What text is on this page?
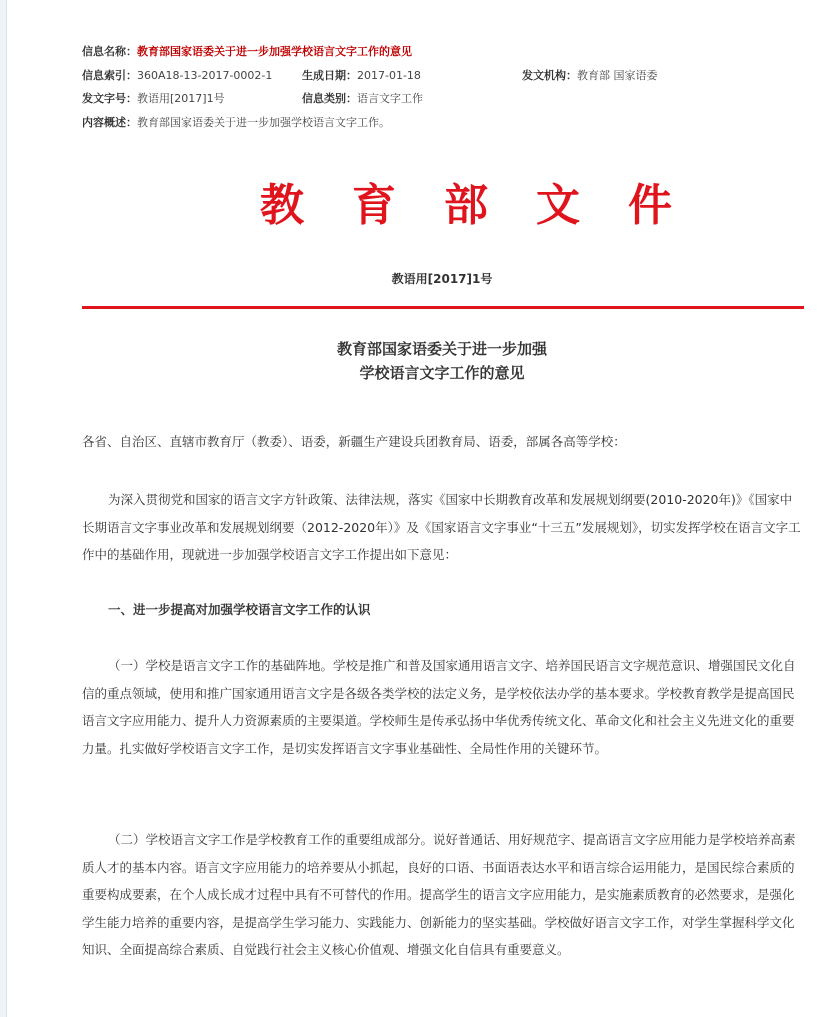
信息名称：教育部国家语委关于进一步加强学校语言文字工作的意见
信息索引：360A18-13-2017-0002-1	生成日期：2017-01-18	发文机构：教育部 国家语委
发文字号：教语用[2017]1号	信息类别：语言文字工作
内容概述：教育部国家语委关于进一步加强学校语言文字工作。
教育部文件
教语用[2017]1号
教育部国家语委关于进一步加强
学校语言文字工作的意见
各省、自治区、直辖市教育厅（教委）、语委，新疆生产建设兵团教育局、语委，部属各高等学校：
为深入贯彻党和国家的语言文字方针政策、法律法规，落实《国家中长期教育改革和发展规划纲要(2010-2020年)》《国家中长期语言文字事业改革和发展规划纲要（2012-2020年）》及《国家语言文字事业“十三五”发展规划》，切实发挥学校在语言文字工作中的基础作用，现就进一步加强学校语言文字工作提出如下意见：
一、进一步提高对加强学校语言文字工作的认识
（一）学校是语言文字工作的基础阵地。学校是推广和普及国家通用语言文字、培养国民语言文字规范意识、增强国民文化自信的重点领域，使用和推广国家通用语言文字是各级各类学校的法定义务，是学校依法办学的基本要求。学校教育教学是提高国民语言文字应用能力、提升人力资源素质的主要渠道。学校师生是传承弘扬中华优秀传统文化、革命文化和社会主义先进文化的重要力量。扎实做好学校语言文字工作，是切实发挥语言文字事业基础性、全局性作用的关键环节。
（二）学校语言文字工作是学校教育工作的重要组成部分。说好普通话、用好规范字、提高语言文字应用能力是学校培养高素质人才的基本内容。语言文字应用能力的培养要从小抓起，良好的口语、书面语表达水平和语言综合运用能力，是国民综合素质的重要构成要素，在个人成长成才过程中具有不可替代的作用。提高学生的语言文字应用能力，是实施素质教育的必然要求，是强化学生能力培养的重要内容，是提高学生学习能力、实践能力、创新能力的坚实基础。学校做好语言文字工作，对学生掌握科学文化知识、全面提高综合素质、自觉践行社会主义核心价值观、增强文化自信具有重要意义。
